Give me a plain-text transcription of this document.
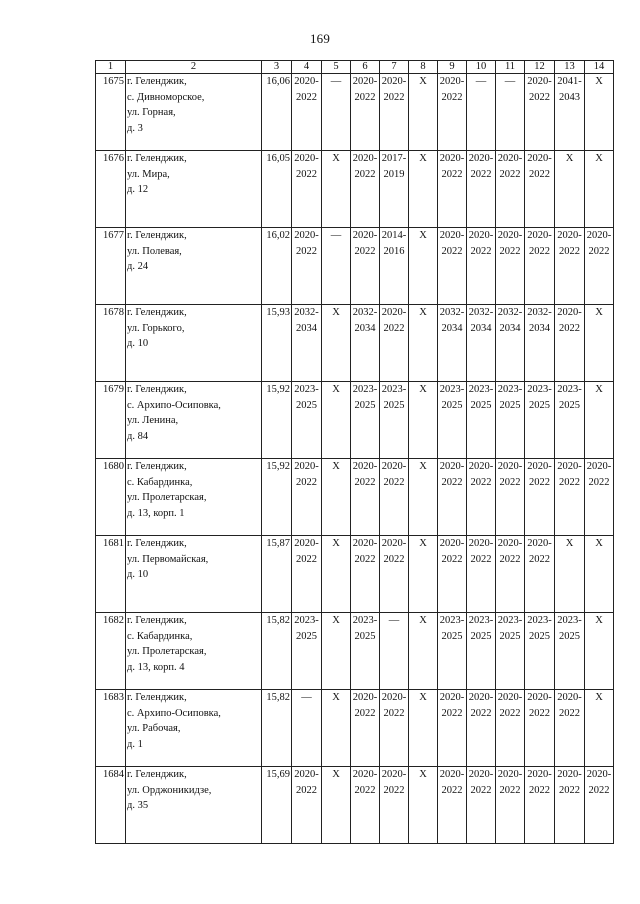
169
1	2	3	4	5	6	7	8	9	10	11	12	13	14
1675	г. Геленджик,
с. Дивноморское,
ул. Горная,
д. 3	16,06	2020-
2022	—	2020-
2022	2020-
2022	Х	2020-
2022	—	—	2020-
2022	2041-
2043	Х

1676	г. Геленджик,
ул. Мира,
д. 12	16,05	2020-
2022	Х	2020-
2022	2017-
2019	Х	2020-
2022	2020-
2022	2020-
2022	2020-
2022	Х	Х

1677	г. Геленджик,
ул. Полевая,
д. 24	16,02	2020-
2022	—	2020-
2022	2014-
2016	Х	2020-
2022	2020-
2022	2020-
2022	2020-
2022	2020-
2022	2020-
2022

1678	г. Геленджик,
ул. Горького,
д. 10	15,93	2032-
2034	Х	2032-
2034	2020-
2022	Х	2032-
2034	2032-
2034	2032-
2034	2032-
2034	2020-
2022	Х

1679	г. Геленджик,
с. Архипо-Осиповка,
ул. Ленина,
д. 84	15,92	2023-
2025	Х	2023-
2025	2023-
2025	Х	2023-
2025	2023-
2025	2023-
2025	2023-
2025	2023-
2025	Х

1680	г. Геленджик,
с. Кабардинка,
ул. Пролетарская,
д. 13, корп. 1	15,92	2020-
2022	Х	2020-
2022	2020-
2022	Х	2020-
2022	2020-
2022	2020-
2022	2020-
2022	2020-
2022	2020-
2022

1681	г. Геленджик,
ул. Первомайская,
д. 10	15,87	2020-
2022	Х	2020-
2022	2020-
2022	Х	2020-
2022	2020-
2022	2020-
2022	2020-
2022	Х	Х

1682	г. Геленджик,
с. Кабардинка,
ул. Пролетарская,
д. 13, корп. 4	15,82	2023-
2025	Х	2023-
2025	—	Х	2023-
2025	2023-
2025	2023-
2025	2023-
2025	2023-
2025	Х

1683	г. Геленджик,
с. Архипо-Осиповка,
ул. Рабочая,
д. 1	15,82	—	Х	2020-
2022	2020-
2022	Х	2020-
2022	2020-
2022	2020-
2022	2020-
2022	2020-
2022	Х

1684	г. Геленджик,
ул. Орджоникидзе,
д. 35	15,69	2020-
2022	Х	2020-
2022	2020-
2022	Х	2020-
2022	2020-
2022	2020-
2022	2020-
2022	2020-
2022	2020-
2022
